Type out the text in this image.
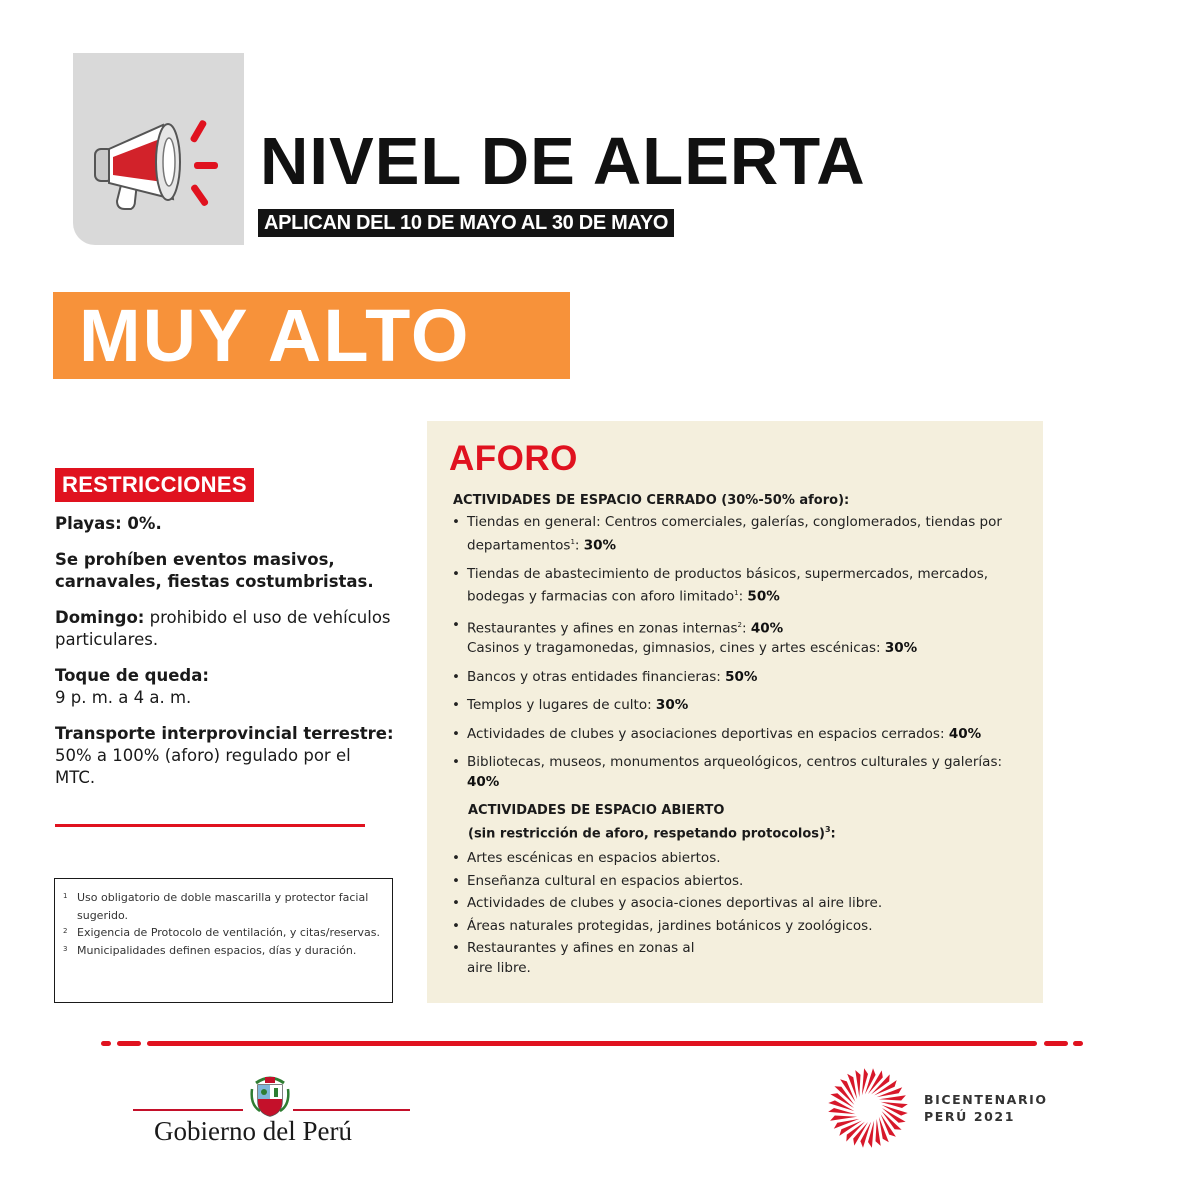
NIVEL DE ALERTA
APLICAN DEL 10 DE MAYO AL 30 DE MAYO
MUY ALTO
RESTRICCIONES

Playas: 0%.

Se prohíben eventos masivos, carnavales, fiestas costumbristas.

Domingo: prohibido el uso de vehículos particulares.

Toque de queda:
9 p. m. a 4 a. m.

Transporte interprovincial terrestre:
50% a 100% (aforo) regulado por el MTC.

1 Uso obligatorio de doble mascarilla y protector facial sugerido.
2 Exigencia de Protocolo de ventilación, y citas/reservas.
3 Municipalidades definen espacios, días y duración.
AFORO
ACTIVIDADES DE ESPACIO CERRADO (30%-50% aforo):
• Tiendas en general: Centros comerciales, galerías, conglomerados, tiendas por departamentos$^1$: 30%
• Tiendas de abastecimiento de productos básicos, supermercados, mercados, bodegas y farmacias con aforo limitado$^1$: 50%
• Restaurantes y afines en zonas internas$^2$: 40%
Casinos y tragamonedas, gimnasios, cines y artes escénicas: 30%
• Bancos y otras entidades financieras: 50%
• Templos y lugares de culto: 30%
• Actividades de clubes y asociaciones deportivas en espacios cerrados: 40%
• Bibliotecas, museos, monumentos arqueológicos, centros culturales y galerías: 40%
ACTIVIDADES DE ESPACIO ABIERTO
(sin restricción de aforo, respetando protocolos)$^3$:
• Artes escénicas en espacios abiertos.
• Enseñanza cultural en espacios abiertos.
• Actividades de clubes y asocia-ciones deportivas al aire libre.
• Áreas naturales protegidas, jardines botánicos y zoológicos.
• Restaurantes y afines en zonas al aire libre.
Gobierno del Perú
BICENTENARIO
PERÚ 2021
